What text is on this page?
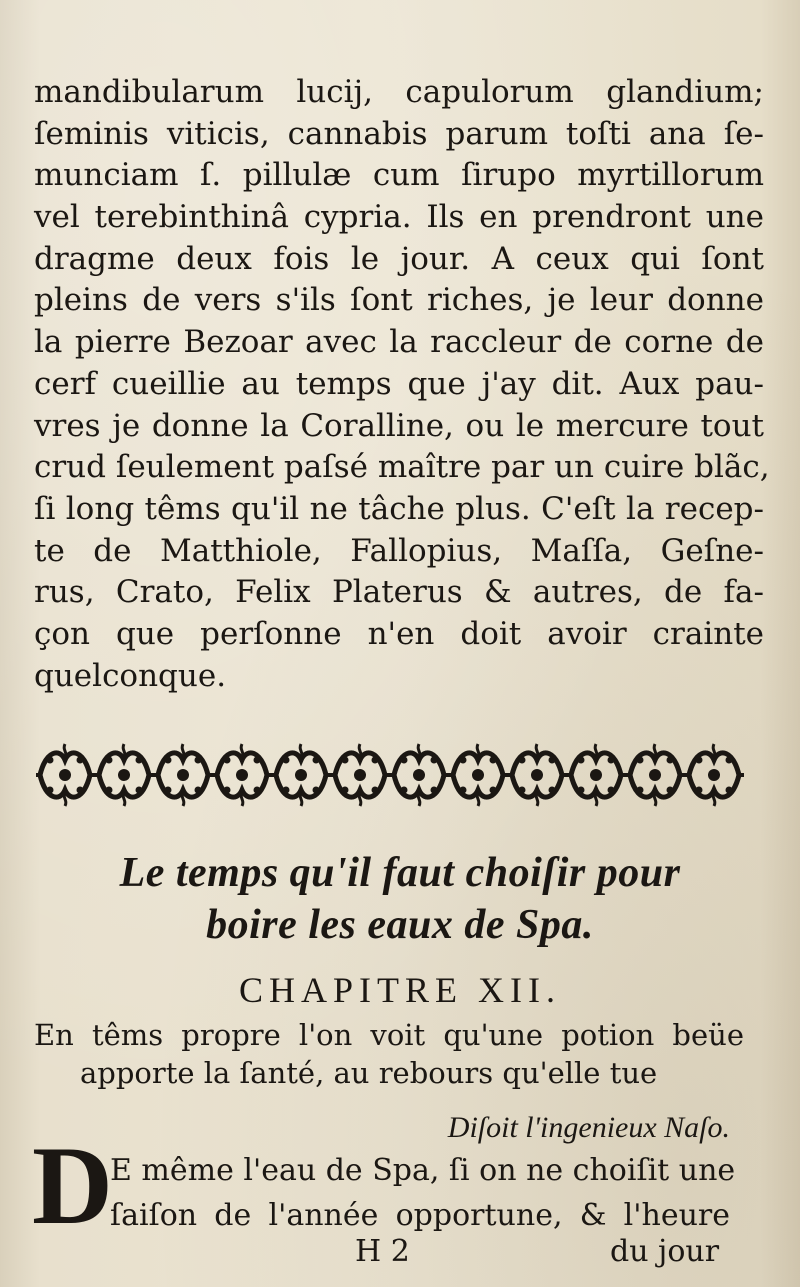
mandibularum lucij, capulorum glandium;
ſeminis viticis, cannabis parum toſti ana ſe-
munciam ſ. pillulæ cum ſirupo myrtillorum
vel terebinthinâ cypria. Ils en prendront une
dragme deux fois le jour. A ceux qui ſont
pleins de vers s'ils ſont riches, je leur donne
la pierre Bezoar avec la raccleur de corne de
cerf cueillie au temps que j'ay dit. Aux pau-
vres je donne la Coralline, ou le mercure tout
crud ſeulement paſsé maître par un cuire blãc,
ſi long têms qu'il ne tâche plus. C'eſt la recep-
te de Matthiole, Fallopius, Maſſa, Geſne-
rus, Crato, Felix Platerus & autres, de fa-
çon que perſonne n'en doit avoir crainte
quelconque.
Le temps qu'il faut choiſir pour
boire les eaux de Spa.
CHAPITRE XII.
En têms propre l'on voit qu'une potion beüe
apporte la ſanté, au rebours qu'elle tue
Diſoit l'ingenieux Naſo.
D
E même l'eau de Spa, ſi on ne choiſit une
ſaiſon de l'année opportune, & l'heure
H 2	du jour
